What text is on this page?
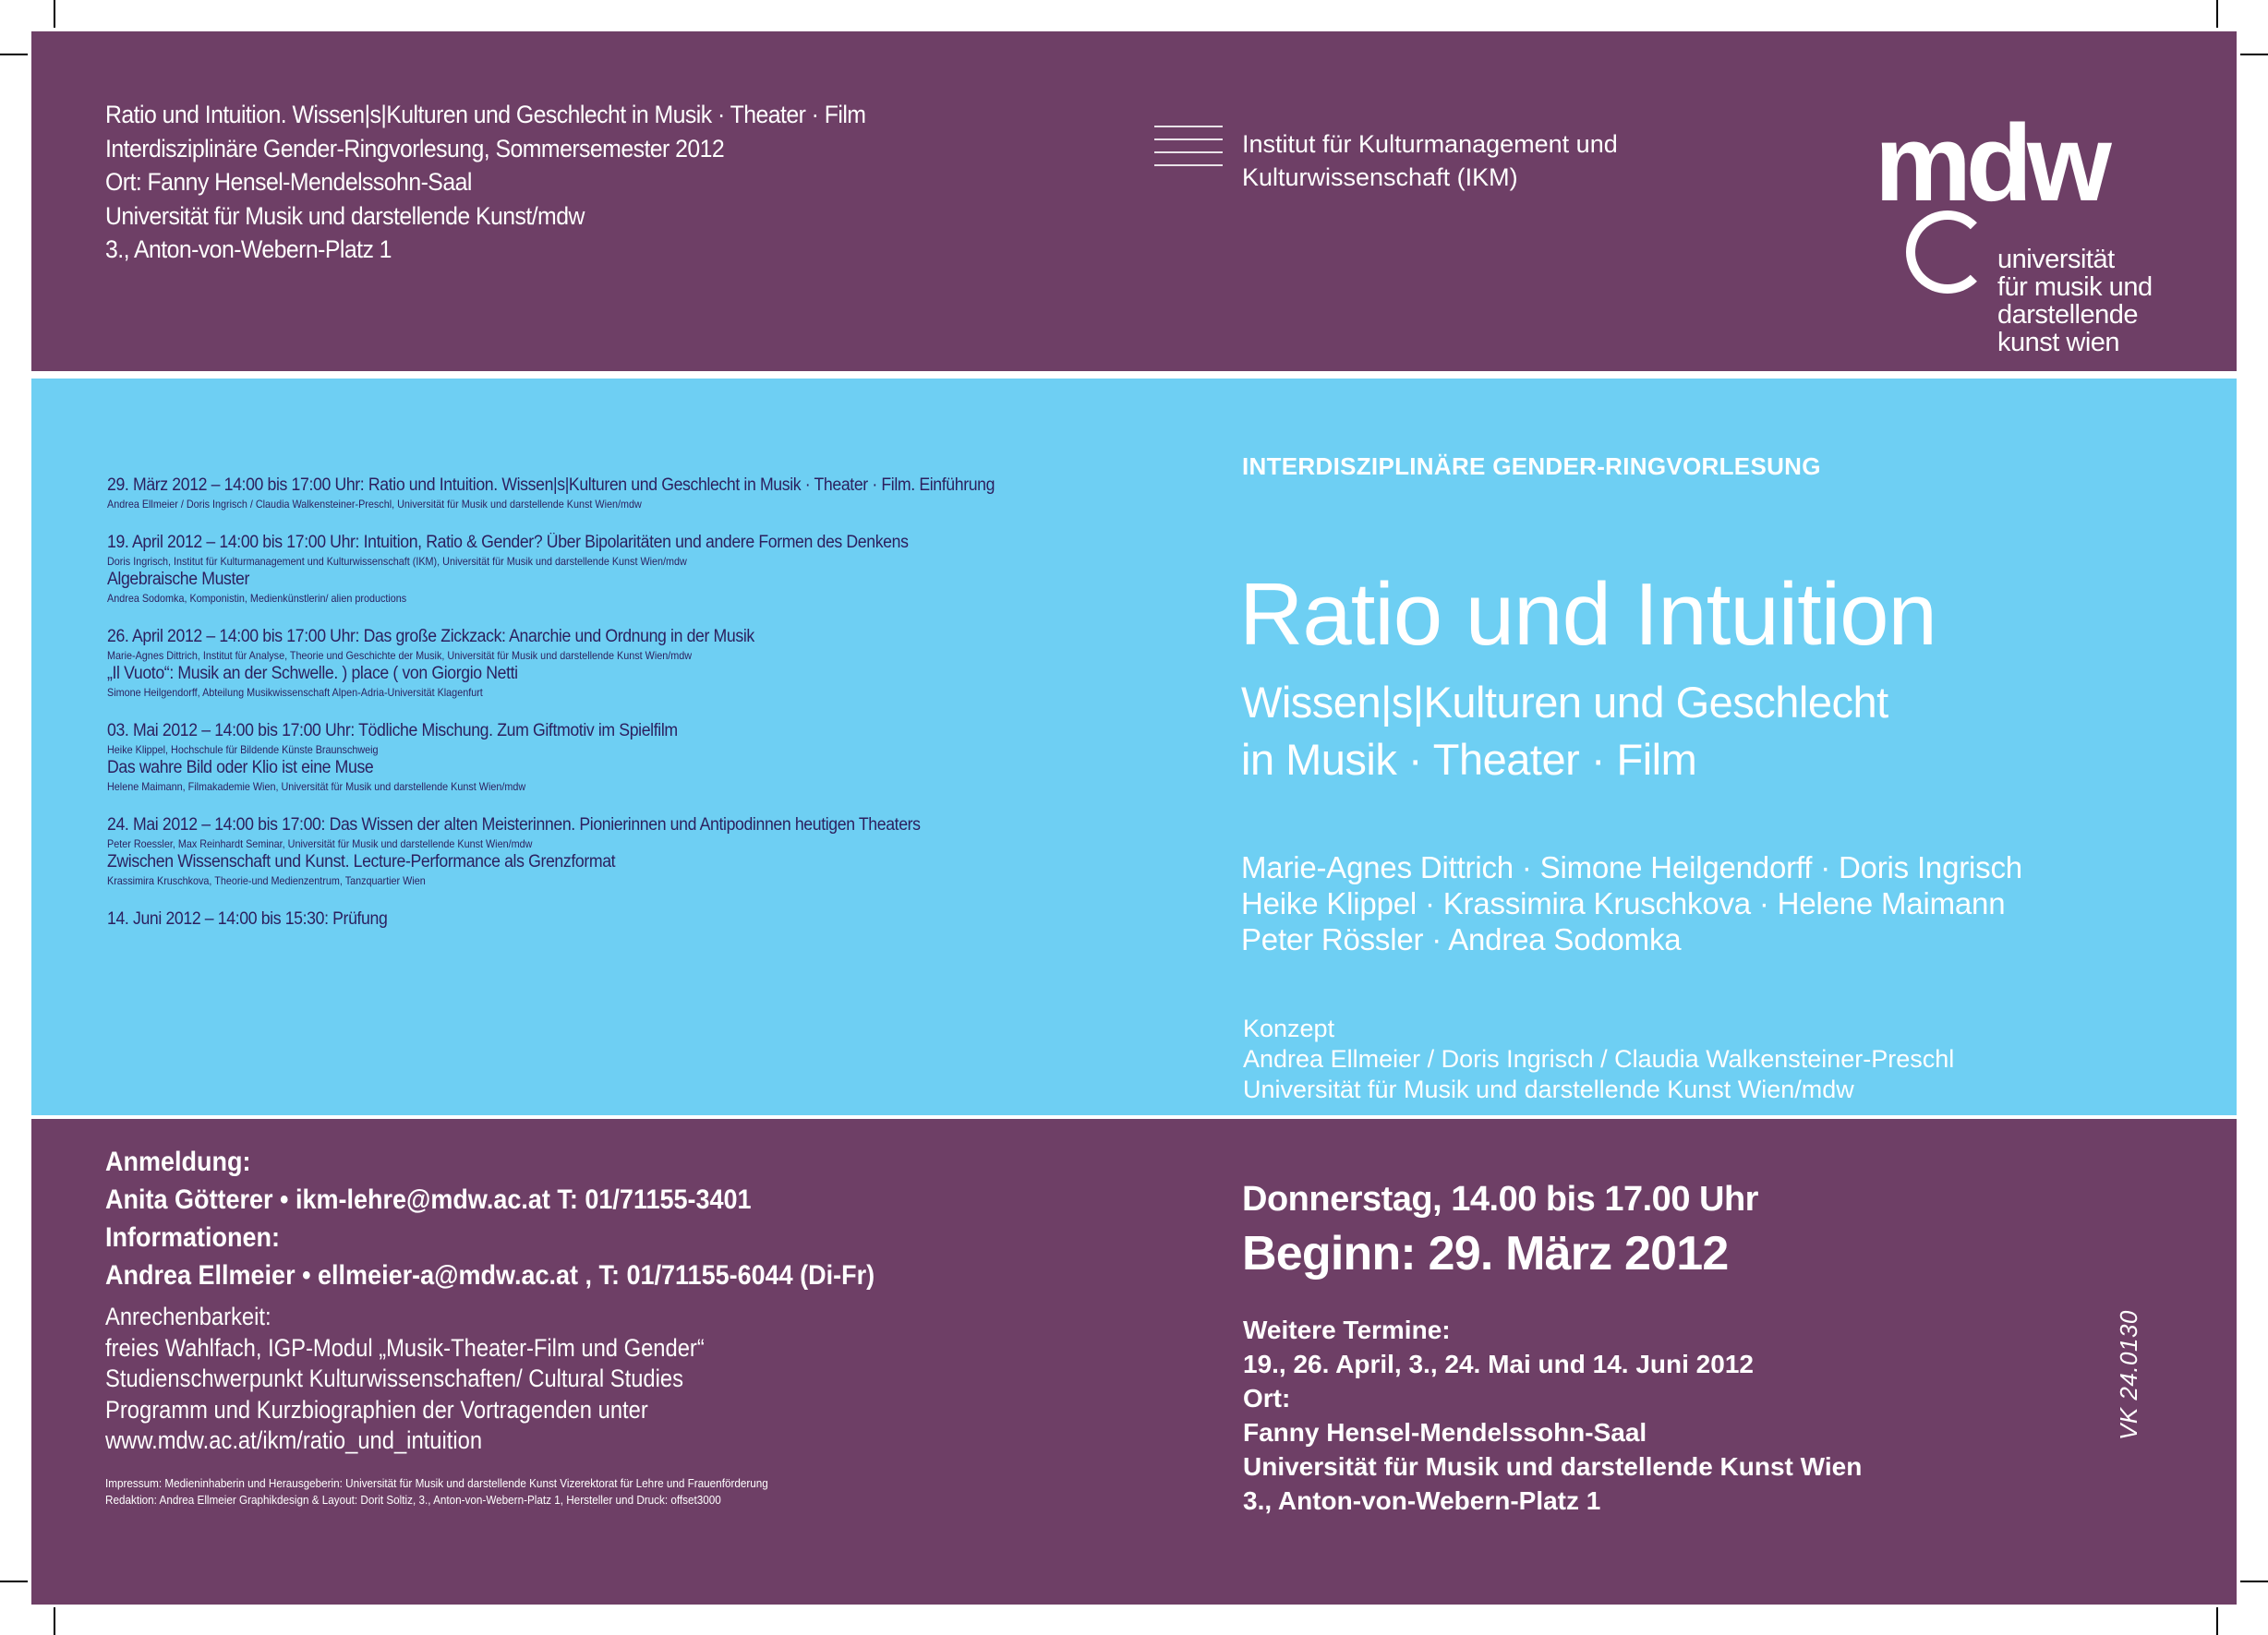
Ratio und Intuition. Wissen|s|Kulturen und Geschlecht in Musik · Theater · Film
Interdisziplinäre Gender-Ringvorlesung, Sommersemester 2012
Ort: Fanny Hensel-Mendelssohn-Saal
Universität für Musik und darstellende Kunst/mdw
3., Anton-von-Webern-Platz 1
Institut für Kulturmanagement und
Kulturwissenschaft (IKM)	mdw
universität
für musik und
darstellende
kunst wien
29. März 2012 – 14:00 bis 17:00 Uhr: Ratio und Intuition. Wissen|s|Kulturen und Geschlecht in Musik · Theater · Film. Einführung
Andrea Ellmeier / Doris Ingrisch / Claudia Walkensteiner-Preschl, Universität für Musik und darstellende Kunst Wien/mdw
19. April 2012 – 14:00 bis 17:00 Uhr: Intuition, Ratio & Gender? Über Bipolaritäten und andere Formen des Denkens
Doris Ingrisch, Institut für Kulturmanagement und Kulturwissenschaft (IKM), Universität für Musik und darstellende Kunst Wien/mdw
Algebraische Muster
Andrea Sodomka, Komponistin, Medienkünstlerin/ alien productions
26. April 2012 – 14:00 bis 17:00 Uhr: Das große Zickzack: Anarchie und Ordnung in der Musik
Marie-Agnes Dittrich, Institut für Analyse, Theorie und Geschichte der Musik, Universität für Musik und darstellende Kunst Wien/mdw
„Il Vuoto“: Musik an der Schwelle. ) place ( von Giorgio Netti
Simone Heilgendorff, Abteilung Musikwissenschaft Alpen-Adria-Universität Klagenfurt
03. Mai 2012 – 14:00 bis 17:00 Uhr: Tödliche Mischung. Zum Giftmotiv im Spielfilm
Heike Klippel, Hochschule für Bildende Künste Braunschweig
Das wahre Bild oder Klio ist eine Muse
Helene Maimann, Filmakademie Wien, Universität für Musik und darstellende Kunst Wien/mdw
24. Mai 2012 – 14:00 bis 17:00: Das Wissen der alten Meisterinnen. Pionierinnen und Antipodinnen heutigen Theaters
Peter Roessler, Max Reinhardt Seminar, Universität für Musik und darstellende Kunst Wien/mdw
Zwischen Wissenschaft und Kunst. Lecture-Performance als Grenzformat
Krassimira Kruschkova, Theorie-und Medienzentrum, Tanzquartier Wien
14. Juni 2012 – 14:00 bis 15:30: Prüfung
INTERDISZIPLINÄRE GENDER-RINGVORLESUNG
Ratio und Intuition
Wissen|s|Kulturen und Geschlecht
in Musik · Theater · Film
Marie-Agnes Dittrich · Simone Heilgendorff · Doris Ingrisch
Heike Klippel · Krassimira Kruschkova · Helene Maimann
Peter Rössler · Andrea Sodomka
Konzept
Andrea Ellmeier / Doris Ingrisch / Claudia Walkensteiner-Preschl
Universität für Musik und darstellende Kunst Wien/mdw
Anmeldung:
Anita Götterer • ikm-lehre@mdw.ac.at T: 01/71155-3401
Informationen:
Andrea Ellmeier • ellmeier-a@mdw.ac.at , T: 01/71155-6044 (Di-Fr)
Anrechenbarkeit:
freies Wahlfach, IGP-Modul „Musik-Theater-Film und Gender“
Studienschwerpunkt Kulturwissenschaften/ Cultural Studies
Programm und Kurzbiographien der Vortragenden unter
www.mdw.ac.at/ikm/ratio_und_intuition
Impressum: Medieninhaberin und Herausgeberin: Universität für Musik und darstellende Kunst Vizerektorat für Lehre und Frauenförderung
Redaktion: Andrea Ellmeier Graphikdesign & Layout: Dorit Soltiz, 3., Anton-von-Webern-Platz 1, Hersteller und Druck: offset3000
Donnerstag, 14.00 bis 17.00 Uhr
Beginn: 29. März 2012
Weitere Termine:
19., 26. April, 3., 24. Mai und 14. Juni 2012
Ort:
Fanny Hensel-Mendelssohn-Saal
Universität für Musik und darstellende Kunst Wien
3., Anton-von-Webern-Platz 1
VK 24.0130
